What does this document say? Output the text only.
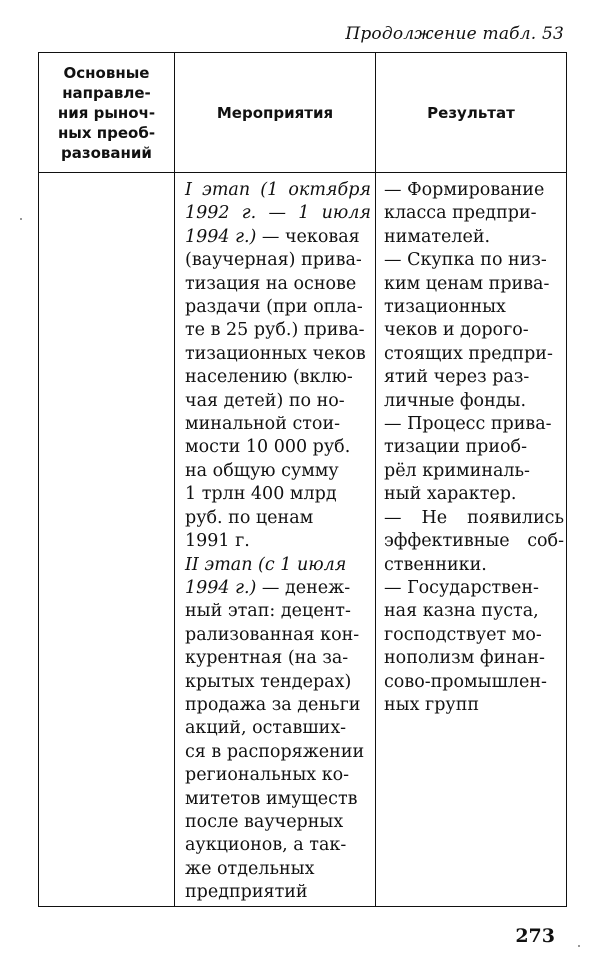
Продолжение табл. 53
Основные
направле-
ния рыноч-
ных преоб-
разований
Мероприятия	Результат
I этап (1 октября
1992 г. — 1 июля
1994 г.) — чековая
(ваучерная) прива-
тизация на основе
раздачи (при опла-
те в 25 руб.) прива-
тизационных чеков
населению (вклю-
чая детей) по но-
минальной стои-
мости 10 000 руб.
на общую сумму
1 трлн 400 млрд
руб. по ценам
1991 г.
II этап (с 1 июля
1994 г.) — денеж-
ный этап: децент-
рализованная кон-
курентная (на за-
крытых тендерах)
продажа за деньги
акций, оставших-
ся в распоряжении
региональных ко-
митетов имуществ
после ваучерных
аукционов, а так-
же отдельных
предприятий
— Формирование
класса предпри-
нимателей.
— Скупка по низ-
ким ценам прива-
тизационных
чеков и дорого-
стоящих предпри-
ятий через раз-
личные фонды.
— Процесс прива-
тизации приоб-
рёл криминаль-
ный характер.
— Не появились
эффективные соб-
ственники.
— Государствен-
ная казна пуста,
господствует мо-
нополизм финан-
сово-промышлен-
ных групп
273
